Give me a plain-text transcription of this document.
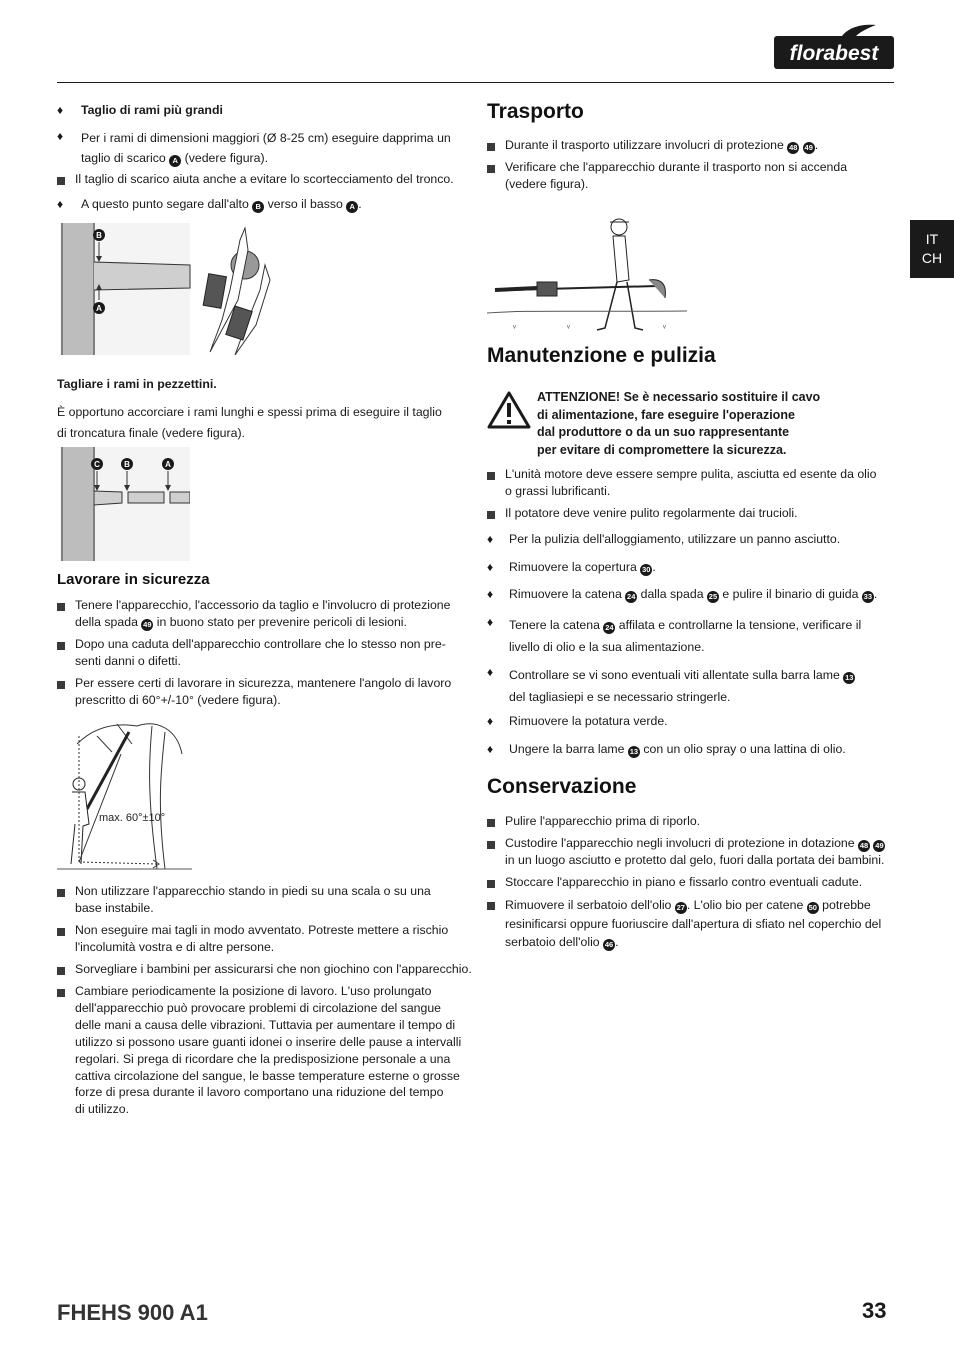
florabest
IT
CH
♦ Taglio di rami più grandi
♦ Per i rami di dimensioni maggiori (Ø 8-25 cm) eseguire dapprima un
taglio di scarico A (vedere figura).
Il taglio di scarico aiuta anche a evitare lo scortecciamento del tronco.
♦ A questo punto segare dall'alto B verso il basso A .
B
A
Tagliare i rami in pezzettini.
È opportuno accorciare i rami lunghi e spessi prima di eseguire il taglio
di troncatura finale (vedere figura).
C	B	A
Lavorare in sicurezza
Tenere l'apparecchio, l'accessorio da taglio e l'involucro di protezione
della spada 49 in buono stato per prevenire pericoli di lesioni.
Dopo una caduta dell'apparecchio controllare che lo stesso non pre-
senti danni o difetti.
Per essere certi di lavorare in sicurezza, mantenere l'angolo di lavoro
prescritto di 60°+/-10° (vedere figura).
max. 60°±10°
Non utilizzare l'apparecchio stando in piedi su una scala o su una
base instabile.
Non eseguire mai tagli in modo avventato. Potreste mettere a rischio
l'incolumità vostra e di altre persone.
Sorvegliare i bambini per assicurarsi che non giochino con l'apparecchio.
Cambiare periodicamente la posizione di lavoro. L'uso prolungato
dell'apparecchio può provocare problemi di circolazione del sangue
delle mani a causa delle vibrazioni. Tuttavia per aumentare il tempo di
utilizzo si possono usare guanti idonei o inserire delle pause a intervalli
regolari. Si prega di ricordare che la predisposizione personale a una
cattiva circolazione del sangue, le basse temperature esterne o grosse
forze di presa durante il lavoro comportano una riduzione del tempo
di utilizzo.
Trasporto
Durante il trasporto utilizzare involucri di protezione 48 49 .
Verificare che l'apparecchio durante il trasporto non si accenda
(vedere figura).
ᵥ	ᵥ	ᵥ
Manutenzione e pulizia
ATTENZIONE! Se è necessario sostituire il cavo
di alimentazione, fare eseguire l'operazione
dal produttore o da un suo rappresentante
per evitare di compromettere la sicurezza.
L'unità motore deve essere sempre pulita, asciutta ed esente da olio
o grassi lubrificanti.
Il potatore deve venire pulito regolarmente dai trucioli.
♦ Per la pulizia dell'alloggiamento, utilizzare un panno asciutto.
♦ Rimuovere la copertura 30 .
♦ Rimuovere la catena 24 dalla spada 25 e pulire il binario di guida 33 .
♦ Tenere la catena 24 affilata e controllarne la tensione, verificare il
livello di olio e la sua alimentazione.
♦ Controllare se vi sono eventuali viti allentate sulla barra lame 13
del tagliasiepi e se necessario stringerle.
♦ Rimuovere la potatura verde.
♦ Ungere la barra lame 13 con un olio spray o una lattina di olio.
Conservazione
Pulire l'apparecchio prima di riporlo.
Custodire l'apparecchio negli involucri di protezione in dotazione 48 49
in un luogo asciutto e protetto dal gelo, fuori dalla portata dei bambini.
Stoccare l'apparecchio in piano e fissarlo contro eventuali cadute.
Rimuovere il serbatoio dell'olio 27 . L'olio bio per catene 50 potrebbe
resinificarsi oppure fuoriuscire dall'apertura di sfiato nel coperchio del
serbatoio dell'olio 46 .
FHEHS 900 A1	33
